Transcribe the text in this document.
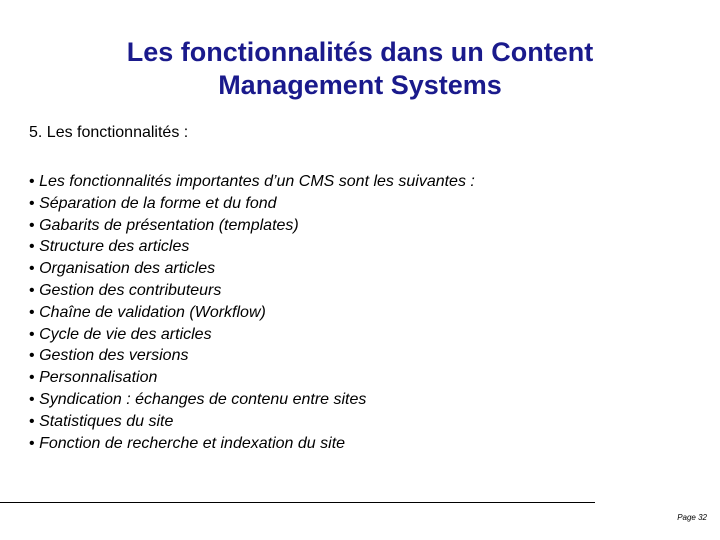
Les fonctionnalités dans un Content
Management Systems
5. Les fonctionnalités :
• Les fonctionnalités importantes d’un CMS sont les suivantes :
• Séparation de la forme et du fond
• Gabarits de présentation (templates)
• Structure des articles
• Organisation des articles
• Gestion des contributeurs
• Chaîne de validation (Workflow)
• Cycle de vie des articles
• Gestion des versions
• Personnalisation
• Syndication : échanges de contenu entre sites
• Statistiques du site
• Fonction de recherche et indexation du site
Page 32
